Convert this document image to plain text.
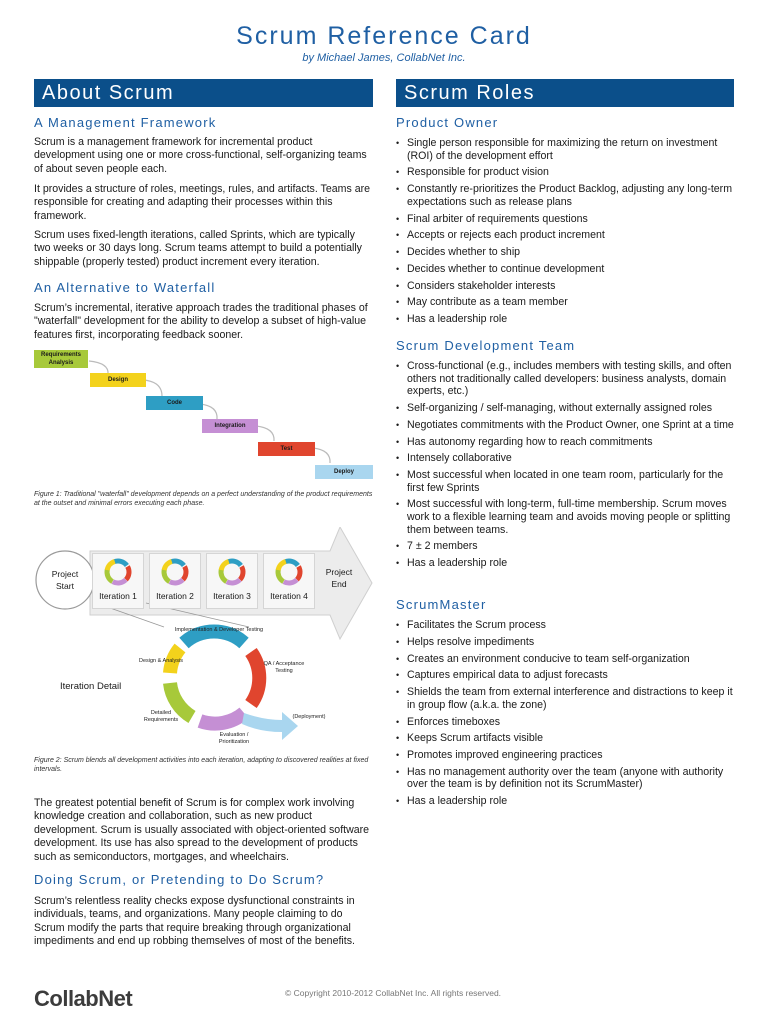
Scrum Reference Card
by Michael James, CollabNet Inc.
About Scrum
A Management Framework
Scrum is a management framework for incremental product development using one or more cross-functional, self-organizing teams of about seven people each.
It provides a structure of roles, meetings, rules, and artifacts. Teams are responsible for creating and adapting their processes within this framework.
Scrum uses fixed-length iterations, called Sprints, which are typically two weeks or 30 days long. Scrum teams attempt to build a potentially shippable (properly tested) product increment every iteration.
An Alternative to Waterfall
Scrum’s incremental, iterative approach trades the traditional phases of "waterfall" development for the ability to develop a subset of high-value features first, incorporating feedback sooner.
Requirements Analysis
Design
Code
Integration
Test
Deploy
Figure 1: Traditional "waterfall" development depends on a perfect understanding of the product requirements at the outset and minimal errors executing each phase.
Project Start
Project End
Iteration 1	Iteration 2	Iteration 3	Iteration 4
Implementation & Developer Testing
QA / Acceptance Testing
(Deployment)
Evaluation / Prioritization
Detailed Requirements
Design & Analysis
Iteration Detail
Figure 2: Scrum blends all development activities into each iteration, adapting to discovered realities at fixed intervals.
The greatest potential benefit of Scrum is for complex work involving knowledge creation and collaboration, such as new product development. Scrum is usually associated with object-oriented software development. Its use has also spread to the development of products such as semiconductors, mortgages, and wheelchairs.
Doing Scrum, or Pretending to Do Scrum?
Scrum’s relentless reality checks expose dysfunctional constraints in individuals, teams, and organizations. Many people claiming to do Scrum modify the parts that require breaking through organizational impediments and end up robbing themselves of most of the benefits.
Scrum Roles
Product Owner
• Single person responsible for maximizing the return on investment (ROI) of the development effort
• Responsible for product vision
• Constantly re-prioritizes the Product Backlog, adjusting any long-term expectations such as release plans
• Final arbiter of requirements questions
• Accepts or rejects each product increment
• Decides whether to ship
• Decides whether to continue development
• Considers stakeholder interests
• May contribute as a team member
• Has a leadership role
Scrum Development Team
• Cross-functional (e.g., includes members with testing skills, and often others not traditionally called developers: business analysts, domain experts, etc.)
• Self-organizing / self-managing, without externally assigned roles
• Negotiates commitments with the Product Owner, one Sprint at a time
• Has autonomy regarding how to reach commitments
• Intensely collaborative
• Most successful when located in one team room, particularly for the first few Sprints
• Most successful with long-term, full-time membership. Scrum moves work to a flexible learning team and avoids moving people or splitting them between teams.
• 7 ± 2 members
• Has a leadership role
ScrumMaster
• Facilitates the Scrum process
• Helps resolve impediments
• Creates an environment conducive to team self-organization
• Captures empirical data to adjust forecasts
• Shields the team from external interference and distractions to keep it in group flow (a.k.a. the zone)
• Enforces timeboxes
• Keeps Scrum artifacts visible
• Promotes improved engineering practices
• Has no management authority over the team (anyone with authority over the team is by definition not its ScrumMaster)
• Has a leadership role
CollabNet	© Copyright 2010-2012 CollabNet Inc. All rights reserved.
